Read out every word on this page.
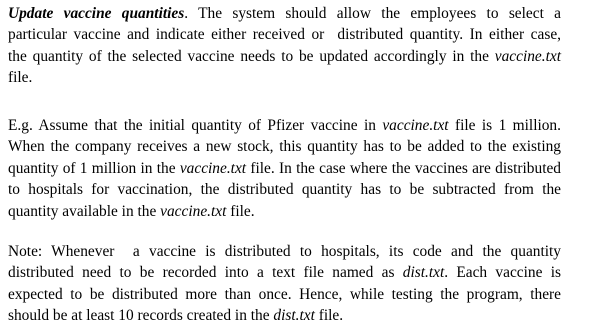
Update vaccine quantities. The system should allow the employees to select a
particular vaccine and indicate either received or  distributed quantity. In either case,
the quantity of the selected vaccine needs to be updated accordingly in the vaccine.txt
file.
E.g. Assume that the initial quantity of Pfizer vaccine in vaccine.txt file is 1 million.
When the company receives a new stock, this quantity has to be added to the existing
quantity of 1 million in the vaccine.txt file. In the case where the vaccines are distributed
to hospitals for vaccination, the distributed quantity has to be subtracted from the
quantity available in the vaccine.txt file.
Note: Whenever  a vaccine is distributed to hospitals, its code and the quantity
distributed need to be recorded into a text file named as dist.txt. Each vaccine is
expected to be distributed more than once. Hence, while testing the program, there
should be at least 10 records created in the dist.txt file.
